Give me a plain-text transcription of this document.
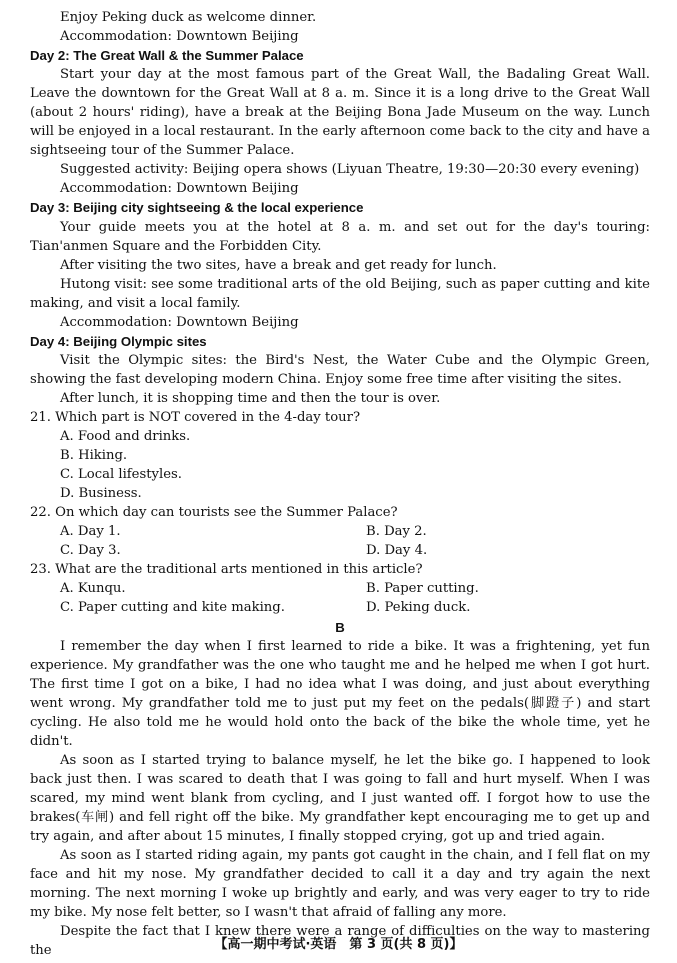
Enjoy Peking duck as welcome dinner.

Accommodation: Downtown Beijing

Day 2: The Great Wall & the Summer Palace

Start your day at the most famous part of the Great Wall, the Badaling Great Wall. Leave the downtown for the Great Wall at 8 a. m. Since it is a long drive to the Great Wall (about 2 hours' riding), have a break at the Beijing Bona Jade Museum on the way. Lunch will be enjoyed in a local restaurant. In the early afternoon come back to the city and have a sightseeing tour of the Summer Palace.

Suggested activity: Beijing opera shows (Liyuan Theatre, 19:30—20:30 every evening)

Accommodation: Downtown Beijing

Day 3: Beijing city sightseeing & the local experience

Your guide meets you at the hotel at 8 a. m. and set out for the day's touring: Tian'anmen Square and the Forbidden City.

After visiting the two sites, have a break and get ready for lunch.

Hutong visit: see some traditional arts of the old Beijing, such as paper cutting and kite making, and visit a local family.

Accommodation: Downtown Beijing

Day 4: Beijing Olympic sites

Visit the Olympic sites: the Bird's Nest, the Water Cube and the Olympic Green, showing the fast developing modern China. Enjoy some free time after visiting the sites.

After lunch, it is shopping time and then the tour is over.

21. Which part is NOT covered in the 4-day tour?

A. Food and drinks.

B. Hiking.

C. Local lifestyles.

D. Business.

22. On which day can tourists see the Summer Palace?

A. Day 1.	B. Day 2.
C. Day 3.	D. Day 4.

23. What are the traditional arts mentioned in this article?

A. Kunqu.	B. Paper cutting.
C. Paper cutting and kite making.	D. Peking duck.

B

I remember the day when I first learned to ride a bike. It was a frightening, yet fun experience. My grandfather was the one who taught me and he helped me when I got hurt. The first time I got on a bike, I had no idea what I was doing, and just about everything went wrong. My grandfather told me to just put my feet on the pedals(脚蹬子) and start cycling. He also told me he would hold onto the back of the bike the whole time, yet he didn't.

As soon as I started trying to balance myself, he let the bike go. I happened to look back just then. I was scared to death that I was going to fall and hurt myself. When I was scared, my mind went blank from cycling, and I just wanted off. I forgot how to use the brakes(车闸) and fell right off the bike. My grandfather kept encouraging me to get up and try again, and after about 15 minutes, I finally stopped crying, got up and tried again.

As soon as I started riding again, my pants got caught in the chain, and I fell flat on my face and hit my nose. My grandfather decided to call it a day and try again the next morning. The next morning I woke up brightly and early, and was very eager to try to ride my bike. My nose felt better, so I wasn't that afraid of falling any more.

Despite the fact that I knew there were a range of difficulties on the way to mastering the	【高一期中考试·英语　第 3 页(共 8 页)】
